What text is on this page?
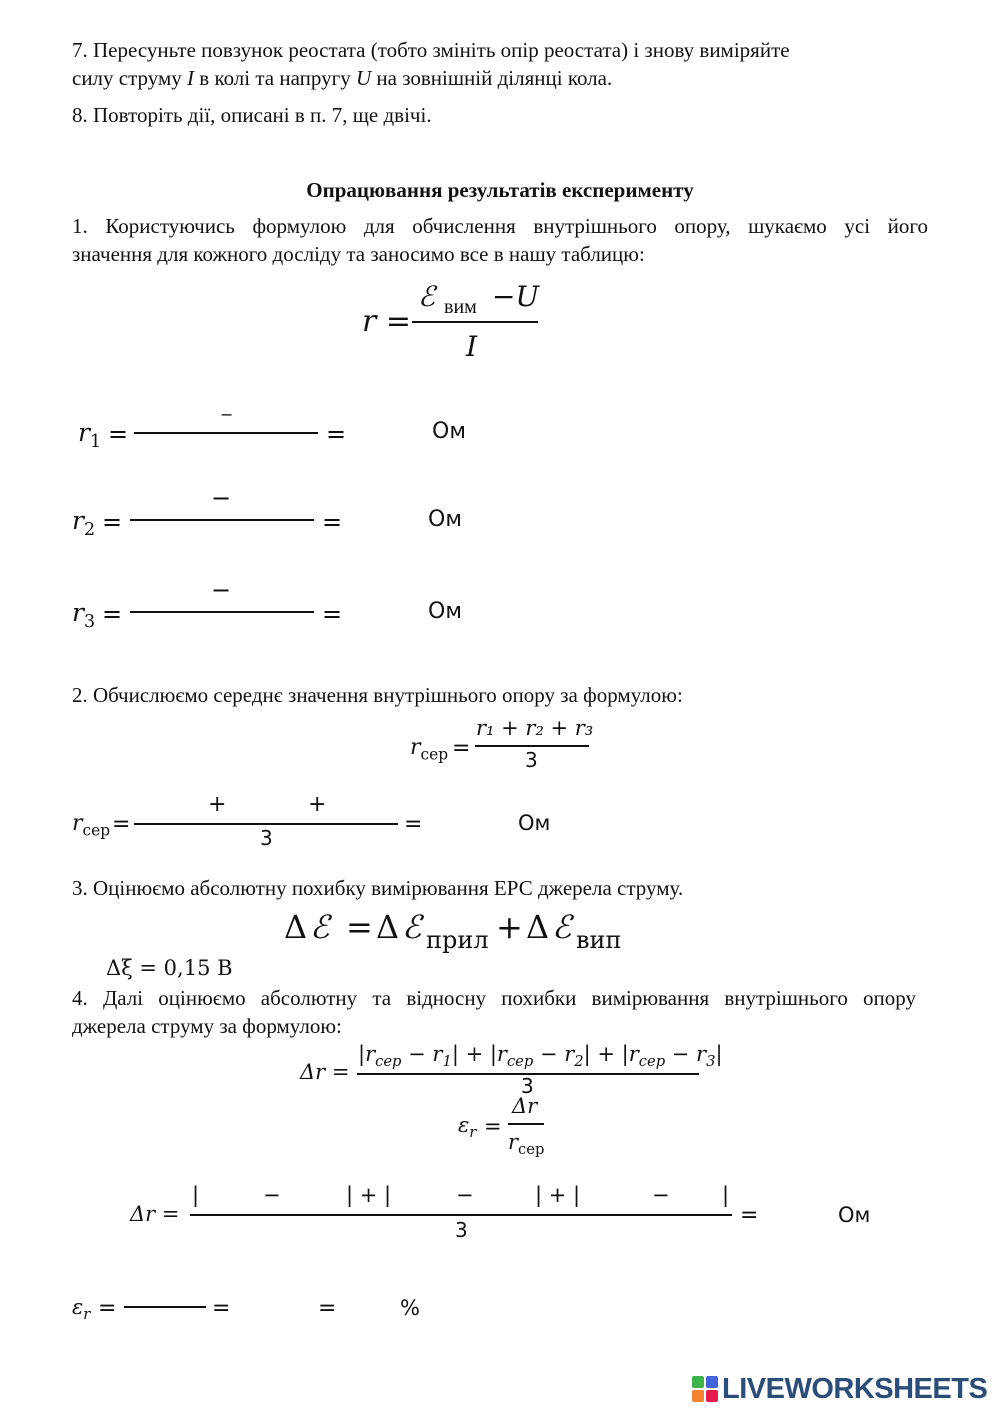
7. Пересуньте повзунок реостата (тобто змініть опір реостата) і знову виміряйте
силу струму I в колі та напругу U на зовнішній ділянці кола.
8. Повторіть дії, описані в п. 7, ще двічі.
Опрацювання результатів експерименту
1. Користуючись формулою для обчислення внутрішнього опору, шукаємо усі його
значення для кожного досліду та заносимо все в нашу таблицю:
r =
ℰ вим −U
I
$r_1$ =
−
=	Ом
$r_2$ =
−
=	Ом
$r_3$ =
−
=	Ом
2. Обчислюємо середнє значення внутрішнього опору за формулою:
$r_{сер}$ =
r₁ + r₂ + r₃
3
$r_{сер}$ =
+	+
3
=	Ом
3. Оцінюємо абсолютну похибку вимірювання ЕРС джерела струму.
Δ ℰ = Δ ℰ прил + Δ ℰ вип
Δξ = 0,15 В
4. Далі оцінюємо абсолютну та відносну похибки вимірювання внутрішнього опору
джерела струму за формулою:
Δr =
$|r_{сер} - r_1| + |r_{сер} - r_2| + |r_{сер} - r_3|$
3
$\varepsilon_r$ =
Δr
$r_{сер}$
Δr =
|	−	| + |	−	| + |	− |
3
=	Ом
$\varepsilon_r$ =	=	=	%
LIVEWORKSHEETS
